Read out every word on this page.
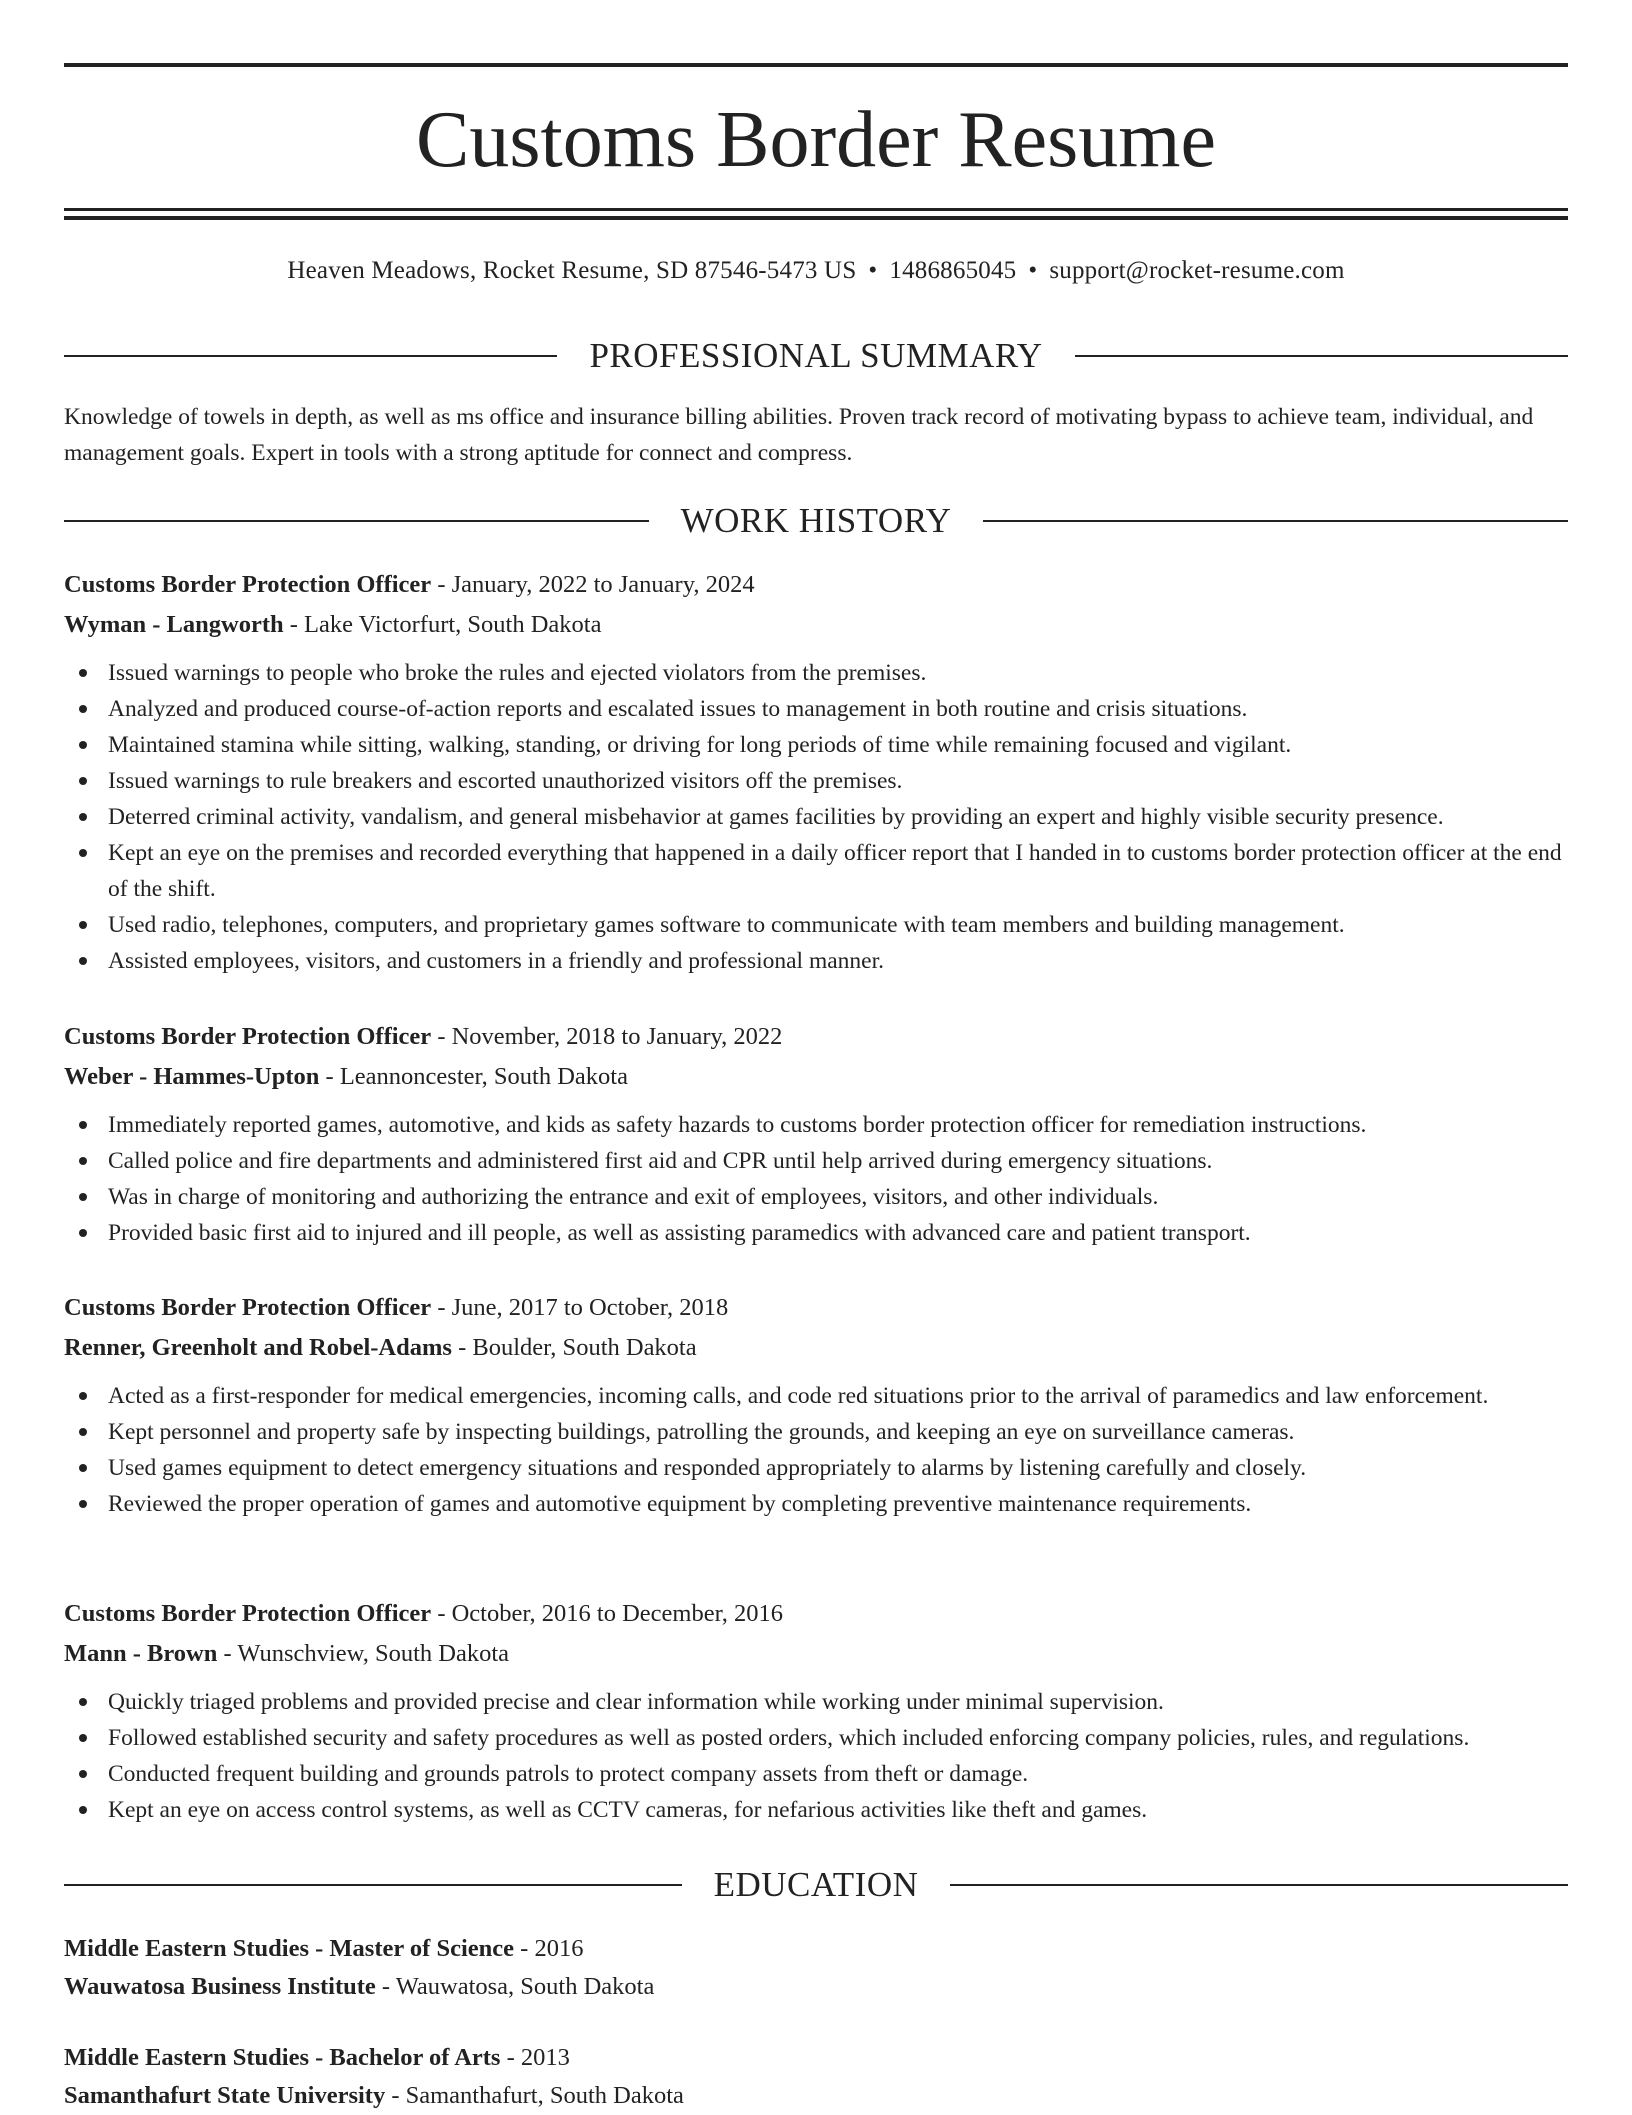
Customs Border Resume
Heaven Meadows, Rocket Resume, SD 87546-5473 US • 1486865045 • support@rocket-resume.com
PROFESSIONAL SUMMARY
Knowledge of towels in depth, as well as ms office and insurance billing abilities. Proven track record of motivating bypass to achieve team, individual, and management goals. Expert in tools with a strong aptitude for connect and compress.
WORK HISTORY
Customs Border Protection Officer - January, 2022 to January, 2024
Wyman - Langworth - Lake Victorfurt, South Dakota
Issued warnings to people who broke the rules and ejected violators from the premises.
Analyzed and produced course-of-action reports and escalated issues to management in both routine and crisis situations.
Maintained stamina while sitting, walking, standing, or driving for long periods of time while remaining focused and vigilant.
Issued warnings to rule breakers and escorted unauthorized visitors off the premises.
Deterred criminal activity, vandalism, and general misbehavior at games facilities by providing an expert and highly visible security presence.
Kept an eye on the premises and recorded everything that happened in a daily officer report that I handed in to customs border protection officer at the end of the shift.
Used radio, telephones, computers, and proprietary games software to communicate with team members and building management.
Assisted employees, visitors, and customers in a friendly and professional manner.
Customs Border Protection Officer - November, 2018 to January, 2022
Weber - Hammes-Upton - Leannoncester, South Dakota
Immediately reported games, automotive, and kids as safety hazards to customs border protection officer for remediation instructions.
Called police and fire departments and administered first aid and CPR until help arrived during emergency situations.
Was in charge of monitoring and authorizing the entrance and exit of employees, visitors, and other individuals.
Provided basic first aid to injured and ill people, as well as assisting paramedics with advanced care and patient transport.
Customs Border Protection Officer - June, 2017 to October, 2018
Renner, Greenholt and Robel-Adams - Boulder, South Dakota
Acted as a first-responder for medical emergencies, incoming calls, and code red situations prior to the arrival of paramedics and law enforcement.
Kept personnel and property safe by inspecting buildings, patrolling the grounds, and keeping an eye on surveillance cameras.
Used games equipment to detect emergency situations and responded appropriately to alarms by listening carefully and closely.
Reviewed the proper operation of games and automotive equipment by completing preventive maintenance requirements.
Customs Border Protection Officer - October, 2016 to December, 2016
Mann - Brown - Wunschview, South Dakota
Quickly triaged problems and provided precise and clear information while working under minimal supervision.
Followed established security and safety procedures as well as posted orders, which included enforcing company policies, rules, and regulations.
Conducted frequent building and grounds patrols to protect company assets from theft or damage.
Kept an eye on access control systems, as well as CCTV cameras, for nefarious activities like theft and games.
EDUCATION
Middle Eastern Studies - Master of Science - 2016
Wauwatosa Business Institute - Wauwatosa, South Dakota
Middle Eastern Studies - Bachelor of Arts - 2013
Samanthafurt State University - Samanthafurt, South Dakota
